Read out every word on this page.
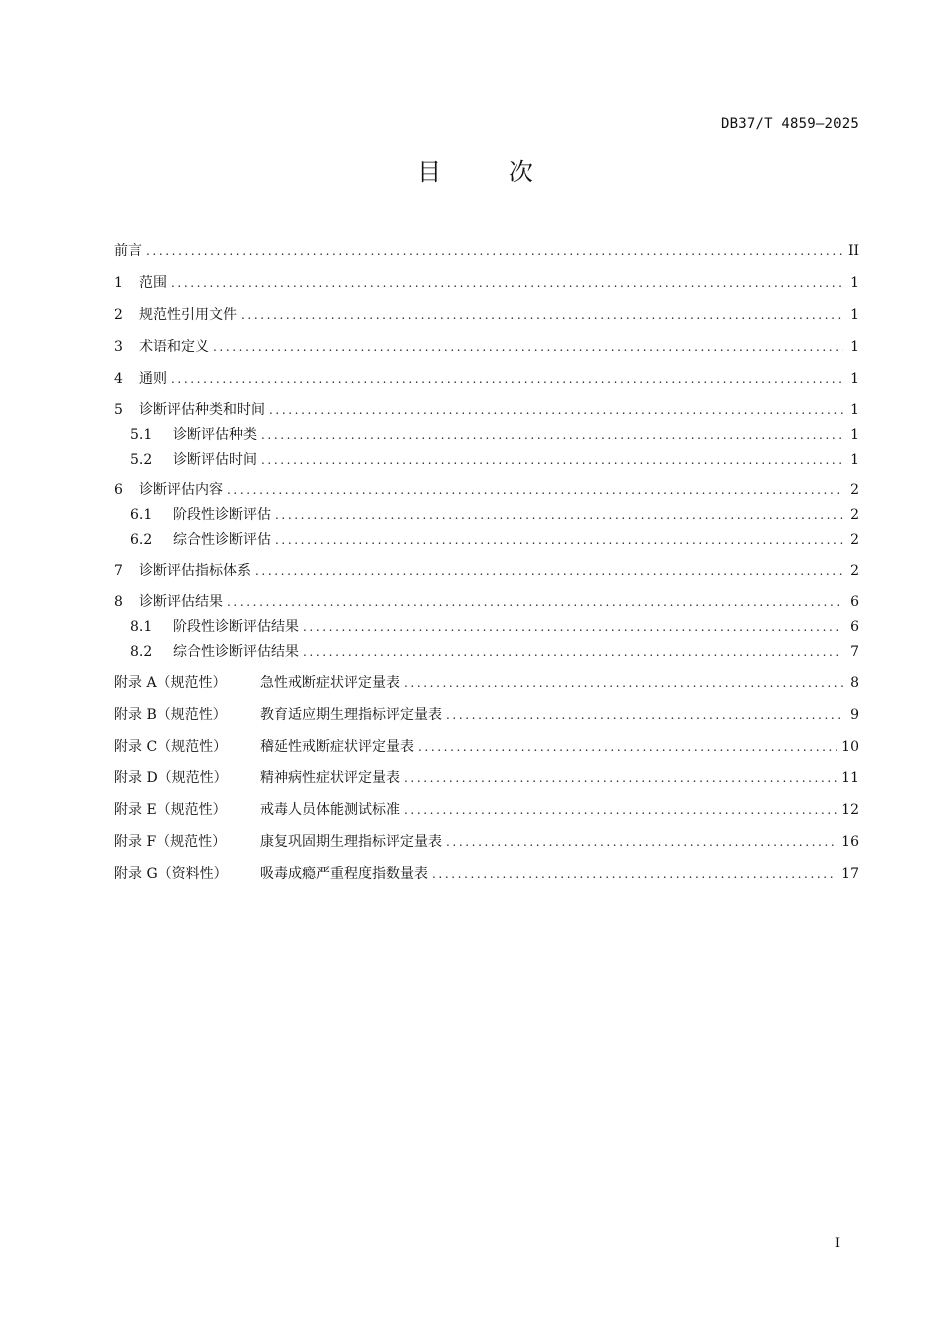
DB37/T 4859—2025
目	次
前言 .....	II
1	范围 .....	1
2	规范性引用文件 .....	1
3	术语和定义 .....	1
4	通则 .....	1
5	诊断评估种类和时间 .....	1
5.1	诊断评估种类 .....	1
5.2	诊断评估时间 .....	1
6	诊断评估内容 .....	2
6.1	阶段性诊断评估 .....	2
6.2	综合性诊断评估 .....	2
7	诊断评估指标体系 .....	2
8	诊断评估结果 .....	6
8.1	阶段性诊断评估结果 .....	6
8.2	综合性诊断评估结果 .....	7
附录 A（规范性）	急性戒断症状评定量表 .....	8
附录 B（规范性）	教育适应期生理指标评定量表 .....	9
附录 C（规范性）	稽延性戒断症状评定量表 .....	10
附录 D（规范性）	精神病性症状评定量表 .....	11
附录 E（规范性）	戒毒人员体能测试标准 .....	12
附录 F（规范性）	康复巩固期生理指标评定量表 .....	16
附录 G（资料性）	吸毒成瘾严重程度指数量表 .....	17
I
